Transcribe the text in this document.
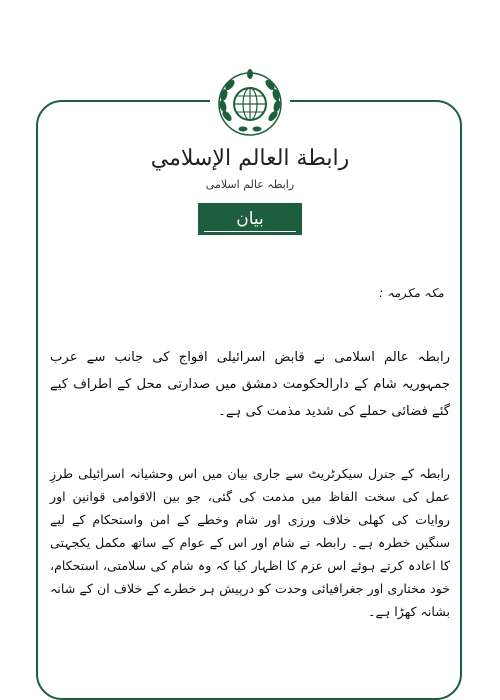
رابطة العالم الإسلامي
رابطہ عالم اسلامی
بیان
مکہ مکرمہ :
رابطہ عالم اسلامی نے قابض اسرائیلی افواج کی جانب سے عرب جمہوریہ شام کے دارالحکومت دمشق میں صدارتی محل کے اطراف کیے گئے فضائی حملے کی شدید مذمت کی ہے۔
رابطہ کے جنرل سیکرٹریٹ سے جاری بیان میں اس وحشیانہ اسرائیلی طرزِ عمل کی سخت الفاظ میں مذمت کی گئی، جو بین الاقوامی قوانین اور روایات کی کھلی خلاف ورزی اور شام وخطے کے امن واستحکام کے لیے سنگین خطرہ ہے۔ رابطہ نے شام اور اس کے عوام کے ساتھ مکمل یکجہتی کا اعادہ کرتے ہوئے اس عزم کا اظہار کیا کہ وہ شام کی سلامتی، استحکام، خود مختاری اور جغرافیائی وحدت کو درپیش ہر خطرے کے خلاف ان کے شانہ بشانہ کھڑا ہے۔
